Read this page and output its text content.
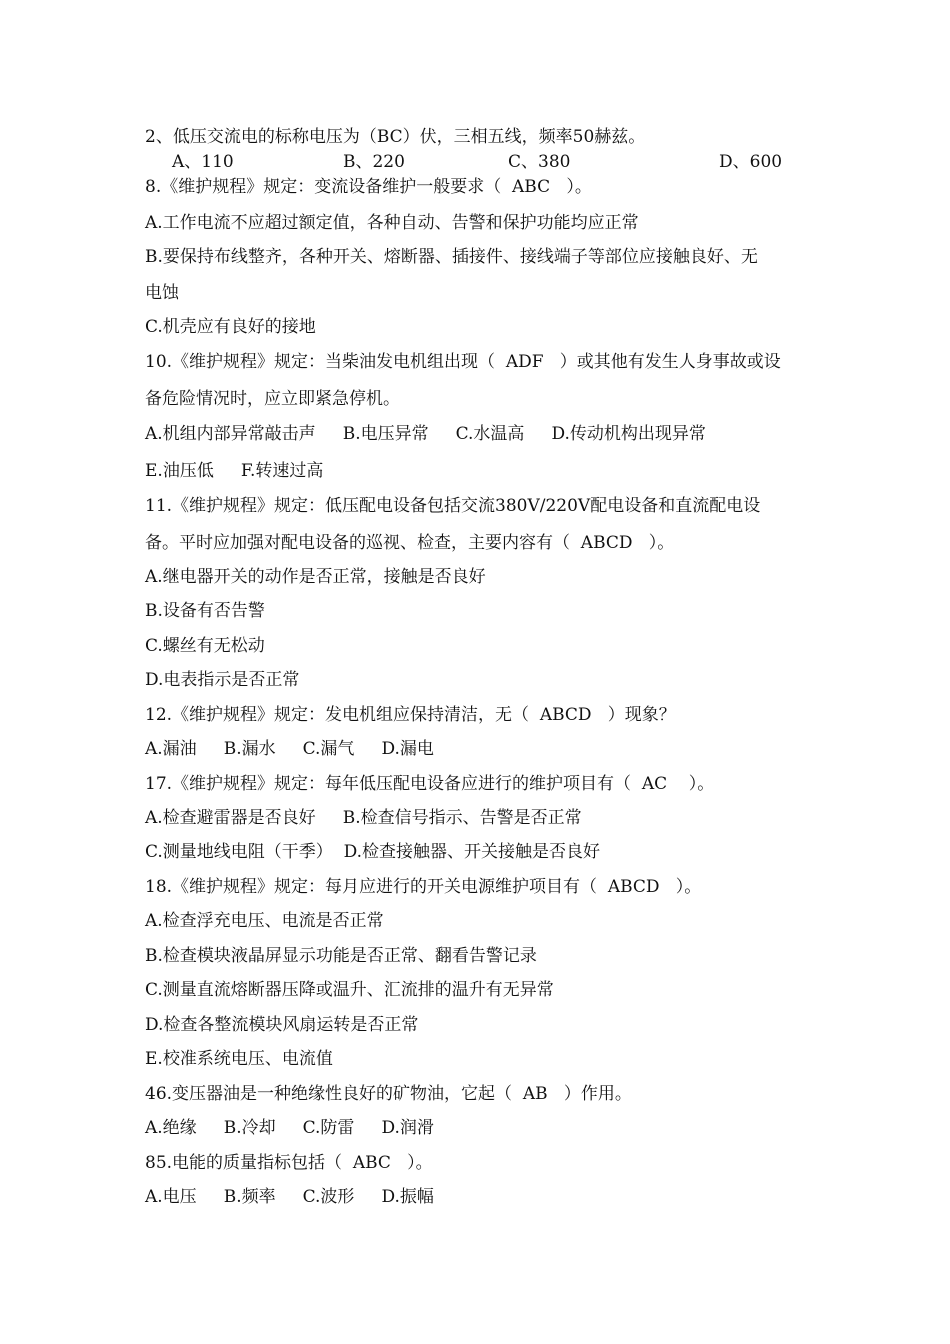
2、低压交流电的标称电压为（BC）伏，三相五线，频率50赫兹。
A、110	B、220	C、380	D、600
8.《维护规程》规定：变流设备维护一般要求（  ABC   ）。
A.工作电流不应超过额定值，各种自动、告警和保护功能均应正常
B.要保持布线整齐，各种开关、熔断器、插接件、接线端子等部位应接触良好、无
电蚀
C.机壳应有良好的接地
10.《维护规程》规定：当柴油发电机组出现（  ADF   ）或其他有发生人身事故或设
备危险情况时，应立即紧急停机。
A.机组内部异常敲击声     B.电压异常     C.水温高     D.传动机构出现异常
E.油压低     F.转速过高
11.《维护规程》规定：低压配电设备包括交流380V/220V配电设备和直流配电设
备。平时应加强对配电设备的巡视、检查，主要内容有（  ABCD   ）。
A.继电器开关的动作是否正常，接触是否良好
B.设备有否告警
C.螺丝有无松动
D.电表指示是否正常
12.《维护规程》规定：发电机组应保持清洁，无（  ABCD   ）现象？
A.漏油     B.漏水     C.漏气     D.漏电
17.《维护规程》规定：每年低压配电设备应进行的维护项目有（  AC    ）。
A.检查避雷器是否良好     B.检查信号指示、告警是否正常
C.测量地线电阻（干季）  D.检查接触器、开关接触是否良好
18.《维护规程》规定：每月应进行的开关电源维护项目有（  ABCD   ）。
A.检查浮充电压、电流是否正常
B.检查模块液晶屏显示功能是否正常、翻看告警记录
C.测量直流熔断器压降或温升、汇流排的温升有无异常
D.检查各整流模块风扇运转是否正常
E.校准系统电压、电流值
46.变压器油是一种绝缘性良好的矿物油，它起（  AB   ）作用。
A.绝缘     B.冷却     C.防雷     D.润滑
85.电能的质量指标包括（  ABC   ）。
A.电压     B.频率     C.波形     D.振幅
